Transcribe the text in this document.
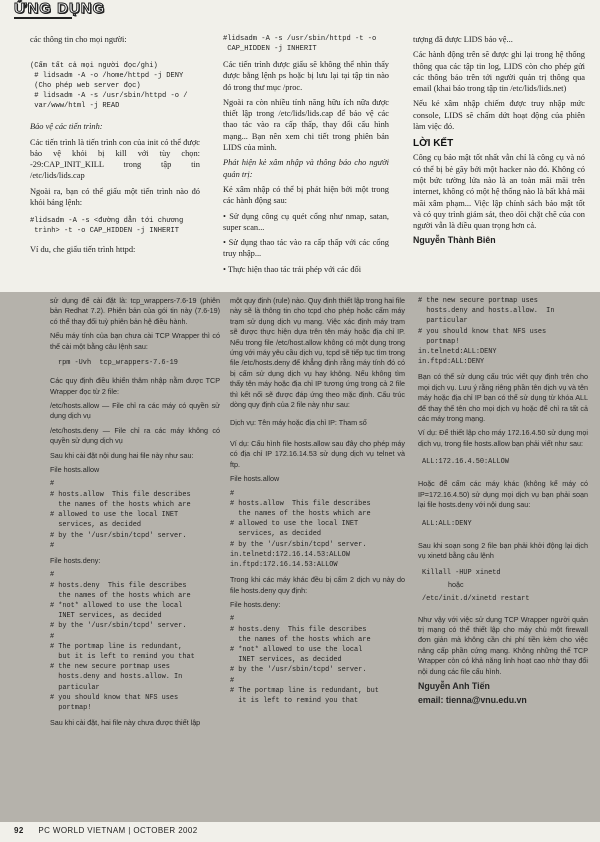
ỨNG DỤNG

các thông tin cho mọi người:

(Cấm tất cả mọi người đọc/ghi)
# lidsadm -A -o /home/httpd -j DENY
(Cho phép web server đọc)
# lidsadm -A -s /usr/sbin/httpd -o /
var/www/html -j READ

Bảo vệ các tiến trình:

Các tiến trình là tiến trình con của init có thể được bảo vệ khỏi bị kill với tùy chọn: -29:CAP_INIT_KILL trong tập tin /etc/lids/lids.cap

Ngoài ra, bạn có thể giấu một tiến trình nào đó khỏi bảng lệnh:

#lidsadm -A -s <đường dẫn tới chương
trình> -t -o CAP_HIDDEN -j INHERIT

Ví du, che giấu tiến trình httpd:

#lidsadm -A -s /usr/sbin/httpd -t -o
CAP_HIDDEN -j INHERIT

Các tiến trình được giấu sẽ không thể nhìn thấy được bằng lệnh ps hoặc bị lưu lại tại tập tin nào đó trong thư mục /proc.

Ngoài ra còn nhiều tính năng hữu ích nữa được thiết lập trong /etc/lids/lids.cap để bảo vệ các thao tác vào ra cấp thấp, thay đổi cấu hình mạng... Bạn nên xem chi tiết trong phiên bản LIDS của mình.

Phát hiện kẻ xâm nhập và thông báo cho người quản trị:

Kẻ xâm nhập có thể bị phát hiện bởi một trong các hành động sau:

• Sử dụng công cụ quét cổng như nmap, satan, super scan...

• Sử dụng thao tác vào ra cấp thấp với các cổng truy nhập...

• Thực hiện thao tác trái phép với các đối

tượng đã được LIDS bảo vệ...

Các hành động trên sẽ được ghi lại trong hệ thống thông qua các tập tin log, LIDS còn cho phép gửi các thông báo trên tới người quản trị thông qua email (khai báo trong tập tin /etc/lids/lids.net)

Nếu kẻ xâm nhập chiếm được truy nhập mức console, LIDS sẽ chấm dứt hoạt động của phiên làm việc đó.

LỜI KẾT

Công cụ bảo mật tốt nhất vẫn chỉ là công cụ và nó có thể bị bẻ gãy bởi một hacker nào đó. Không có một bức tường lửa nào là an toàn mãi mãi trên internet, không có một hệ thống nào là bất khả mãi mãi xâm phạm... Việc lập chính sách bảo mật tốt và có quy trình giám sát, theo dõi chặt chẽ của con người vẫn là điều quan trọng hơn cả.

Nguyễn Thành Biên

sử dụng để cài đặt là: tcp_wrappers-7.6-19 (phiên bản Redhat 7.2). Phiên bản của gói tin này (7.6-19) có thể thay đổi tuỳ phiên bản hệ điều hành.

Nếu máy tính của bạn chưa cài TCP Wrapper thì có thể cài một bằng câu lệnh sau:

rpm -Uvh  tcp_wrappers-7.6-19

Các quy định điều khiển thâm nhập nằm được TCP Wrapper đọc từ 2 file:

/etc/hosts.allow — File chỉ ra các máy có quyền sử dụng dịch vụ

/etc/hosts.deny — File chỉ ra các máy không có quyền sử dụng dịch vụ

Sau khi cài đặt nội dung hai file này như sau:

File hosts.allow

#
# hosts.allow  This file describes
the names of the hosts which are
# allowed to use the local INET
services, as decided
# by the '/usr/sbin/tcpd' server.
#

File hosts.deny:

#
# hosts.deny  This file describes
the names of the hosts which are
# *not* allowed to use the local
INET services, as decided
# by the '/usr/sbin/tcpd' server.
#
# The portmap line is redundant,
but it is left to remind you that
# the new secure portmap uses
hosts.deny and hosts.allow. In
particular
# you should know that NFS uses
portmap!

Sau khi cài đặt, hai file này chưa được thiết lập

một quy định (rule) nào. Quy định thiết lập trong hai file này sẽ là thông tin cho tcpd cho phép hoặc cấm máy trạm sử dụng dịch vụ mạng. Việc xác định máy trạm sẽ được thực hiện dựa trên tên máy hoặc địa chỉ IP. Nếu trong file /etc/host.allow không có một dụng trong ứng với máy yêu cầu dịch vụ, tcpd sẽ tiếp tục tìm trong file /etc/hosts.deny để khẳng định rằng máy tính đó có bị cấm sử dụng dịch vụ hay không. Nếu không tìm thấy tên máy hoặc địa chỉ IP tương ứng trong cả 2 file thì kết nối sẽ được đáp ứng theo mặc định. Cấu trúc dòng quy định của 2 file này như sau:

Dịch vụ: Tên máy hoặc địa chỉ IP: Tham số

Ví dụ: Cấu hình file hosts.allow sau đây cho phép máy có địa chỉ IP 172.16.14.53 sử dụng dịch vụ telnet và ftp.

File hosts.allow

#
# hosts.allow  This file describes
the names of the hosts which are
# allowed to use the local INET
services, as decided
# by the '/usr/sbin/tcpd' server.
in.telnetd:172.16.14.53:ALLOW
in.ftpd:172.16.14.53:ALLOW

Trong khi các máy khác đều bị cấm 2 dịch vụ này do file hosts.deny quy định:

File hosts.deny:

#
# hosts.deny  This file describes
the names of the hosts which are
# *not* allowed to use the local
INET services, as decided
# by the '/usr/sbin/tcpd' server.
#
# The portmap line is redundant, but
it is left to remind you that
# the new secure portmap uses
hosts.deny and hosts.allow.  In
particular
# you should know that NFS uses
portmap!
in.telnetd:ALL:DENY
in.ftpd:ALL:DENY

Bạn có thể sử dụng cấu trúc viết quy định trên cho mọi dịch vụ. Lưu ý rằng riêng phần tên dịch vụ và tên máy hoặc địa chỉ IP bạn có thể sử dụng từ khóa ALL để thay thế tên cho mọi dịch vụ hoặc để chỉ ra tất cả các máy trong mạng.

Ví dụ: Để thiết lập cho máy 172.16.4.50 sử dụng mọi dịch vụ, trong file hosts.allow bạn phải viết như sau:

ALL:172.16.4.50:ALLOW

Hoặc để cấm các máy khác (không kể máy có IP=172.16.4.50) sử dụng mọi dịch vụ bạn phải soạn lại file hosts.deny với nội dung sau:

ALL:ALL:DENY

Sau khi soạn song 2 file bạn phải khởi động lại dịch vụ xinetd bằng câu lệnh

Killall -HUP xinetd

hoặc

/etc/init.d/xinetd restart

Như vậy với việc sử dụng TCP Wrapper người quản trị mạng có thể thiết lập cho máy chủ một firewall đơn giản mà không cần chi phí tiền kèm cho việc nâng cấp phần cứng mạng. Không những thế TCP Wrapper còn có khả năng linh hoạt cao nhờ thay đổi nội dung các file cấu hình.

Nguyễn Anh Tiến

email: tienna@vnu.edu.vn

92 PC WORLD VIETNAM | OCTOBER 2002
